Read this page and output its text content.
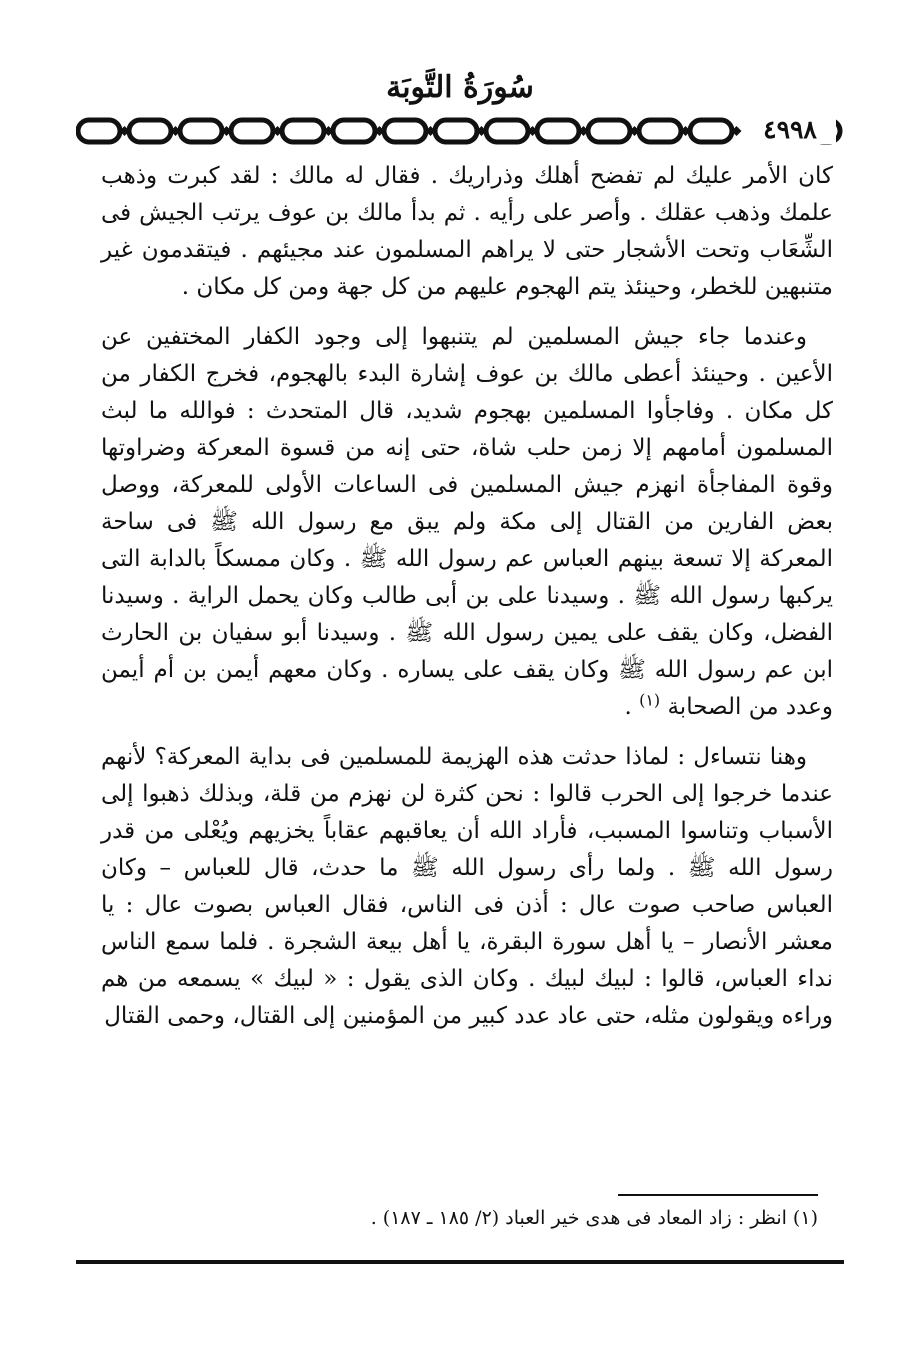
سُورَةُ التَّوبَة
٤٩٩٨

كان الأمر عليك لم تفضح أهلك وذراريك . فقال له مالك : لقد كبرت وذهب علمك وذهب عقلك . وأصر على رأيه . ثم بدأ مالك بن عوف يرتب الجيش فى الشِّعَاب وتحت الأشجار حتى لا يراهم المسلمون عند مجيئهم . فيتقدمون غير متنبهين للخطر، وحينئذ يتم الهجوم عليهم من كل جهة ومن كل مكان .

وعندما جاء جيش المسلمين لم يتنبهوا إلى وجود الكفار المختفين عن الأعين . وحينئذ أعطى مالك بن عوف إشارة البدء بالهجوم، فخرج الكفار من كل مكان . وفاجأوا المسلمين بهجوم شديد، قال المتحدث : فوالله ما لبث المسلمون أمامهم إلا زمن حلب شاة، حتى إنه من قسوة المعركة وضراوتها وقوة المفاجأة انهزم جيش المسلمين فى الساعات الأولى للمعركة، ووصل بعض الفارين من القتال إلى مكة ولم يبق مع رسول الله ﷺ فى ساحة المعركة إلا تسعة بينهم العباس عم رسول الله ﷺ . وكان ممسكاً بالدابة التى يركبها رسول الله ﷺ . وسيدنا على بن أبى طالب وكان يحمل الراية . وسيدنا الفضل، وكان يقف على يمين رسول الله ﷺ . وسيدنا أبو سفيان بن الحارث ابن عم رسول الله ﷺ وكان يقف على يساره . وكان معهم أيمن بن أم أيمن وعدد من الصحابة $^{(١)}$ .

وهنا نتساءل : لماذا حدثت هذه الهزيمة للمسلمين فى بداية المعركة؟ لأنهم عندما خرجوا إلى الحرب قالوا : نحن كثرة لن نهزم من قلة، وبذلك ذهبوا إلى الأسباب وتناسوا المسبب، فأراد الله أن يعاقبهم عقاباً يخزيهم ويُعْلى من قدر رسول الله ﷺ . ولما رأى رسول الله ﷺ ما حدث، قال للعباس – وكان العباس صاحب صوت عال : أذن فى الناس، فقال العباس بصوت عال : يا معشر الأنصار – يا أهل سورة البقرة، يا أهل بيعة الشجرة . فلما سمع الناس نداء العباس، قالوا : لبيك لبيك . وكان الذى يقول : « لبيك » يسمعه من هم وراءه ويقولون مثله، حتى عاد عدد كبير من المؤمنين إلى القتال، وحمى القتال

(١) انظر : زاد المعاد فى هدى خير العباد (٢/ ١٨٥ ـ ١٨٧) .
